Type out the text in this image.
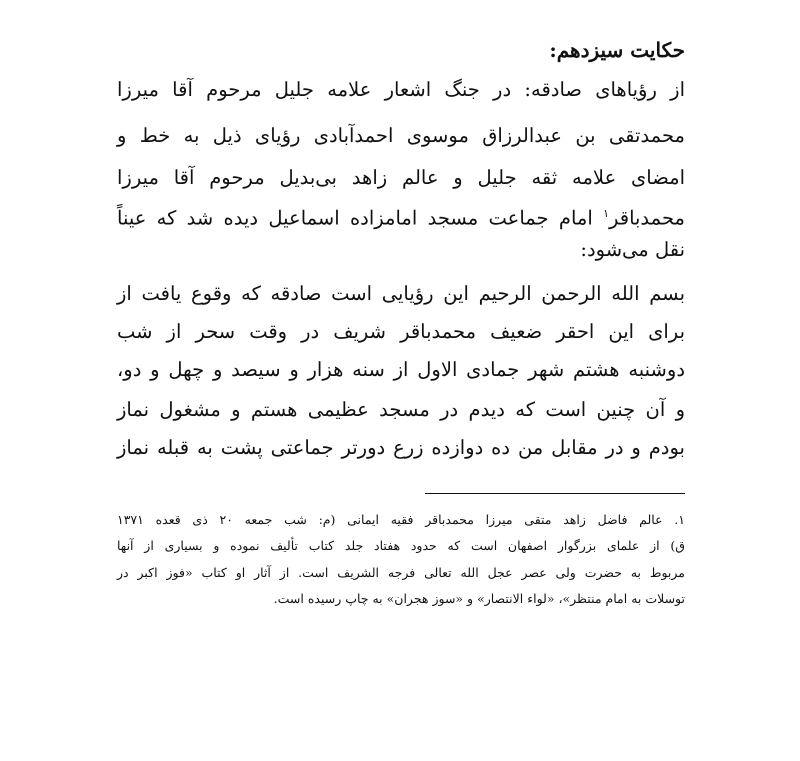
حکایت سیزدهم:
از رؤیاهای صادقه: در جنگ اشعار علامه جلیل مرحوم آقا میرزا
محمدتقی بن عبدالرزاق موسوی احمدآبادی رؤیای ذیل به خط و
امضای علامه ثقه جلیل و عالم زاهد بی‌بدیل مرحوم آقا میرزا
محمدباقر$^۱$ امام جماعت مسجد امامزاده اسماعیل دیده شد که عیناً
نقل می‌شود:
بسم الله الرحمن الرحیم این رؤیایی است صادقه که وقوع یافت از
برای این احقر ضعیف محمدباقر شریف در وقت سحر از شب
دوشنبه هشتم شهر جمادی الاول از سنه هزار و سیصد و چهل و دو،
و آن چنین است که دیدم در مسجد عظیمی هستم و مشغول نماز
بودم و در مقابل من ده دوازده زرع دورتر جماعتی پشت به قبله نماز
۱. عالم فاضل زاهد متقی میرزا محمدباقر فقیه ایمانی (م: شب جمعه ۲۰ ذی قعده ۱۳۷۱
ق) از علمای بزرگوار اصفهان است که حدود هفتاد جلد کتاب تألیف نموده و بسیاری از آنها
مربوط به حضرت ولی عصر عجل الله تعالی فرجه الشریف است. از آثار او کتاب «فوز اکبر در
توسلات به امام منتظر»، «لواء الانتصار» و «سوز هجران» به چاپ رسیده است.
